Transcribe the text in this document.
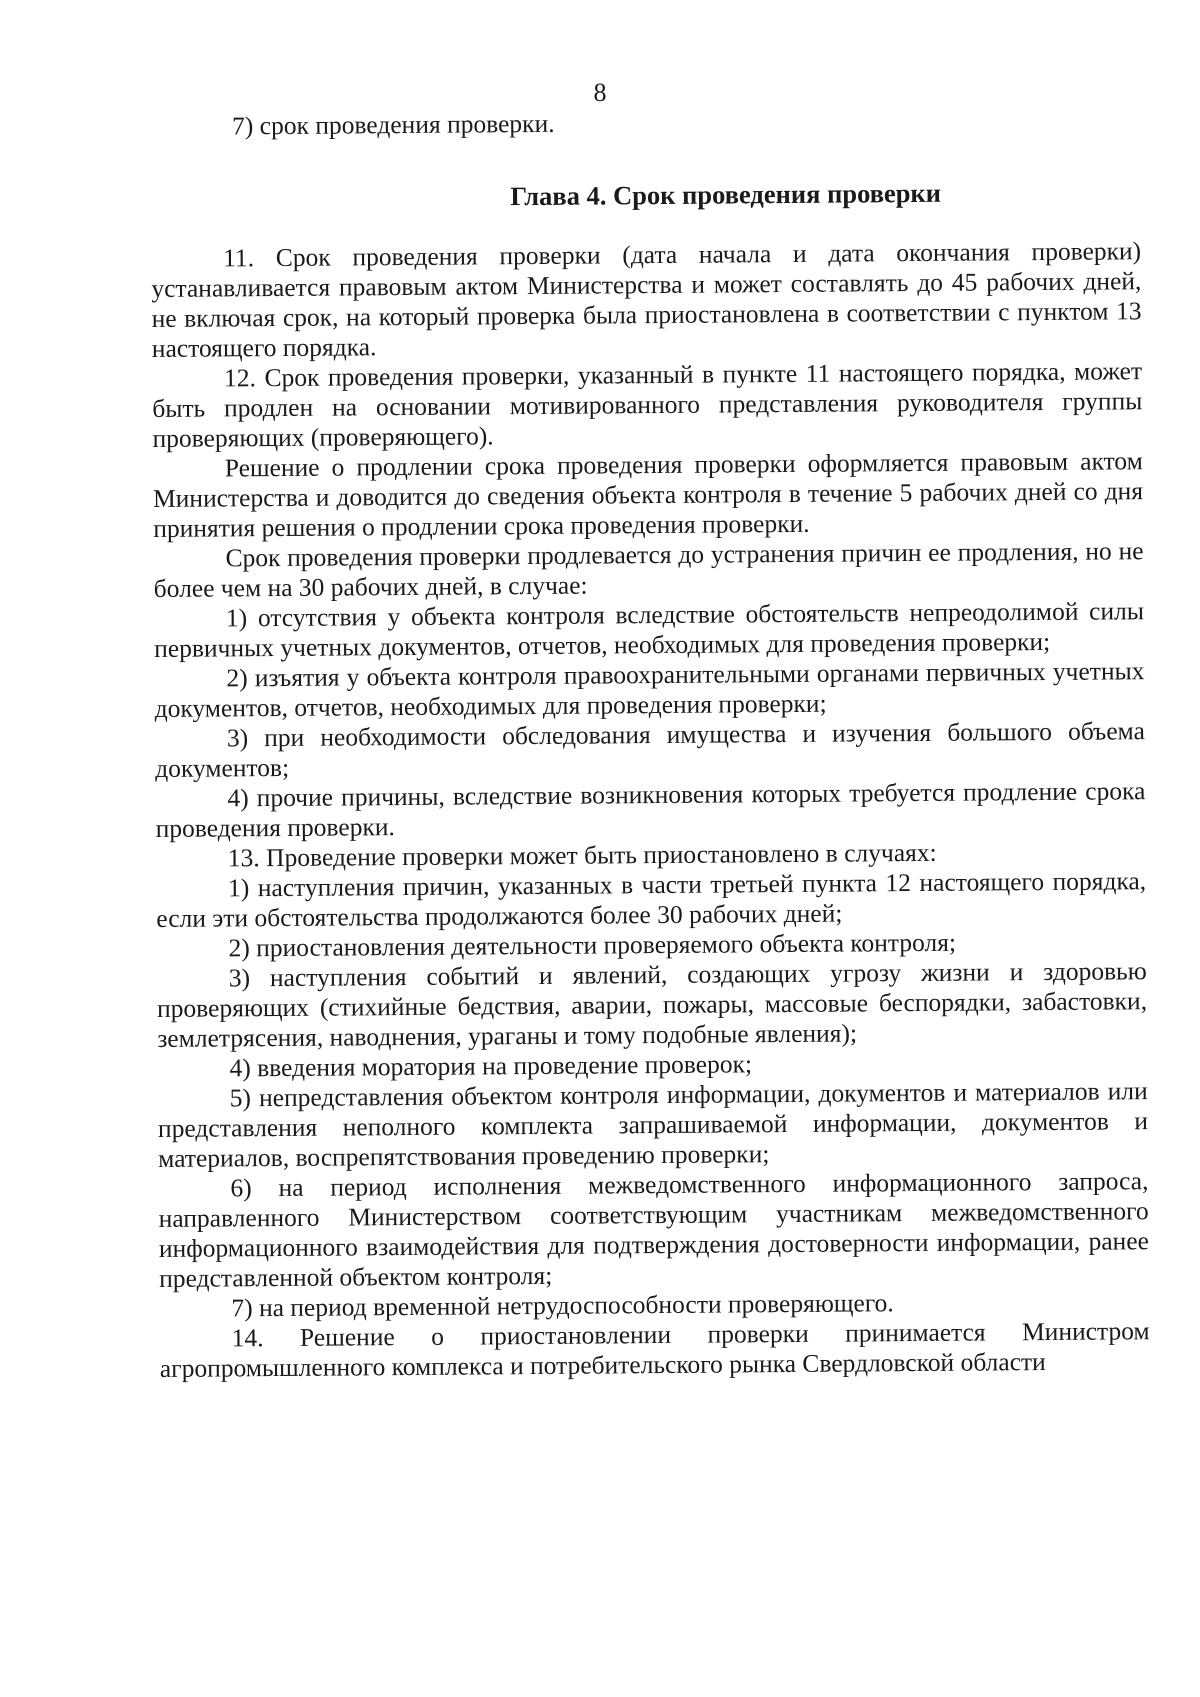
8

7) срок проведения проверки.

Глава 4. Срок проведения проверки

11. Срок проведения проверки (дата начала и дата окончания проверки) устанавливается правовым актом Министерства и может составлять до 45 рабочих дней, не включая срок, на который проверка была приостановлена в соответствии с пунктом 13 настоящего порядка.

12. Срок проведения проверки, указанный в пункте 11 настоящего порядка, может быть продлен на основании мотивированного представления руководителя группы проверяющих (проверяющего).

Решение о продлении срока проведения проверки оформляется правовым актом Министерства и доводится до сведения объекта контроля в течение 5 рабочих дней со дня принятия решения о продлении срока проведения проверки.

Срок проведения проверки продлевается до устранения причин ее продления, но не более чем на 30 рабочих дней, в случае:

1) отсутствия у объекта контроля вследствие обстоятельств непреодолимой силы первичных учетных документов, отчетов, необходимых для проведения проверки;

2) изъятия у объекта контроля правоохранительными органами первичных учетных документов, отчетов, необходимых для проведения проверки;

3) при необходимости обследования имущества и изучения большого объема документов;

4) прочие причины, вследствие возникновения которых требуется продление срока проведения проверки.

13. Проведение проверки может быть приостановлено в случаях:

1) наступления причин, указанных в части третьей пункта 12 настоящего порядка, если эти обстоятельства продолжаются более 30 рабочих дней;

2) приостановления деятельности проверяемого объекта контроля;

3) наступления событий и явлений, создающих угрозу жизни и здоровью проверяющих (стихийные бедствия, аварии, пожары, массовые беспорядки, забастовки, землетрясения, наводнения, ураганы и тому подобные явления);

4) введения моратория на проведение проверок;

5) непредставления объектом контроля информации, документов и материалов или представления неполного комплекта запрашиваемой информации, документов и материалов, воспрепятствования проведению проверки;

6) на период исполнения межведомственного информационного запроса, направленного Министерством соответствующим участникам межведомственного информационного взаимодействия для подтверждения достоверности информации, ранее представленной объектом контроля;

7) на период временной нетрудоспособности проверяющего.

14. Решение о приостановлении проверки принимается Министром агропромышленного комплекса и потребительского рынка Свердловской области
